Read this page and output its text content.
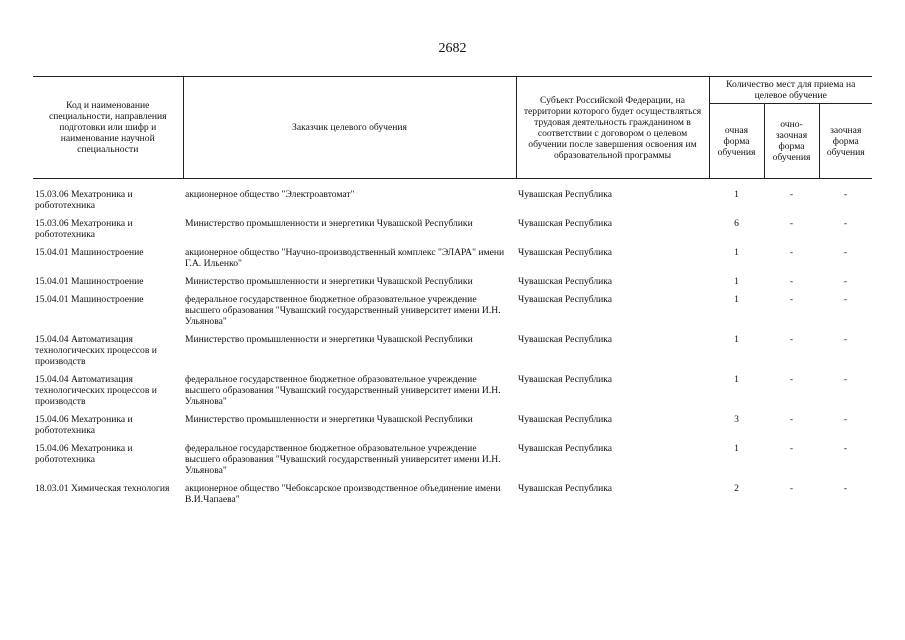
2682
Код и наименование специальности, направления подготовки или шифр и наименование научной специальности	Заказчик целевого обучения	Субъект Российской Федерации, на территории которого будет осуществляться трудовая деятельность гражданином в соответствии с договором о целевом обучении после завершения освоения им образовательной программы	Количество мест для приема на целевое обучение		
			очная форма обучения	очно-заочная форма обучения	заочная форма обучения

15.03.06 Мехатроника и робототехника	акционерное общество "Электроавтомат"	Чувашская Республика	1	-	-
15.03.06 Мехатроника и робототехника	Министерство промышленности и энергетики Чувашской Республики	Чувашская Республика	6	-	-
15.04.01 Машиностроение	акционерное общество "Научно-производственный комплекс "ЭЛАРА" имени Г.А. Ильенко"	Чувашская Республика	1	-	-
15.04.01 Машиностроение	Министерство промышленности и энергетики Чувашской Республики	Чувашская Республика	1	-	-
15.04.01 Машиностроение	федеральное государственное бюджетное образовательное учреждение высшего образования "Чувашский государственный университет имени И.Н. Ульянова"	Чувашская Республика	1	-	-
15.04.04 Автоматизация технологических процессов и производств	Министерство промышленности и энергетики Чувашской Республики	Чувашская Республика	1	-	-
15.04.04 Автоматизация технологических процессов и производств	федеральное государственное бюджетное образовательное учреждение высшего образования "Чувашский государственный университет имени И.Н. Ульянова"	Чувашская Республика	1	-	-
15.04.06 Мехатроника и робототехника	Министерство промышленности и энергетики Чувашской Республики	Чувашская Республика	3	-	-
15.04.06 Мехатроника и робототехника	федеральное государственное бюджетное образовательное учреждение высшего образования "Чувашский государственный университет имени И.Н. Ульянова"	Чувашская Республика	1	-	-
18.03.01 Химическая технология	акционерное общество "Чебоксарское производственное объединение имени В.И.Чапаева"	Чувашская Республика	2	-	-
